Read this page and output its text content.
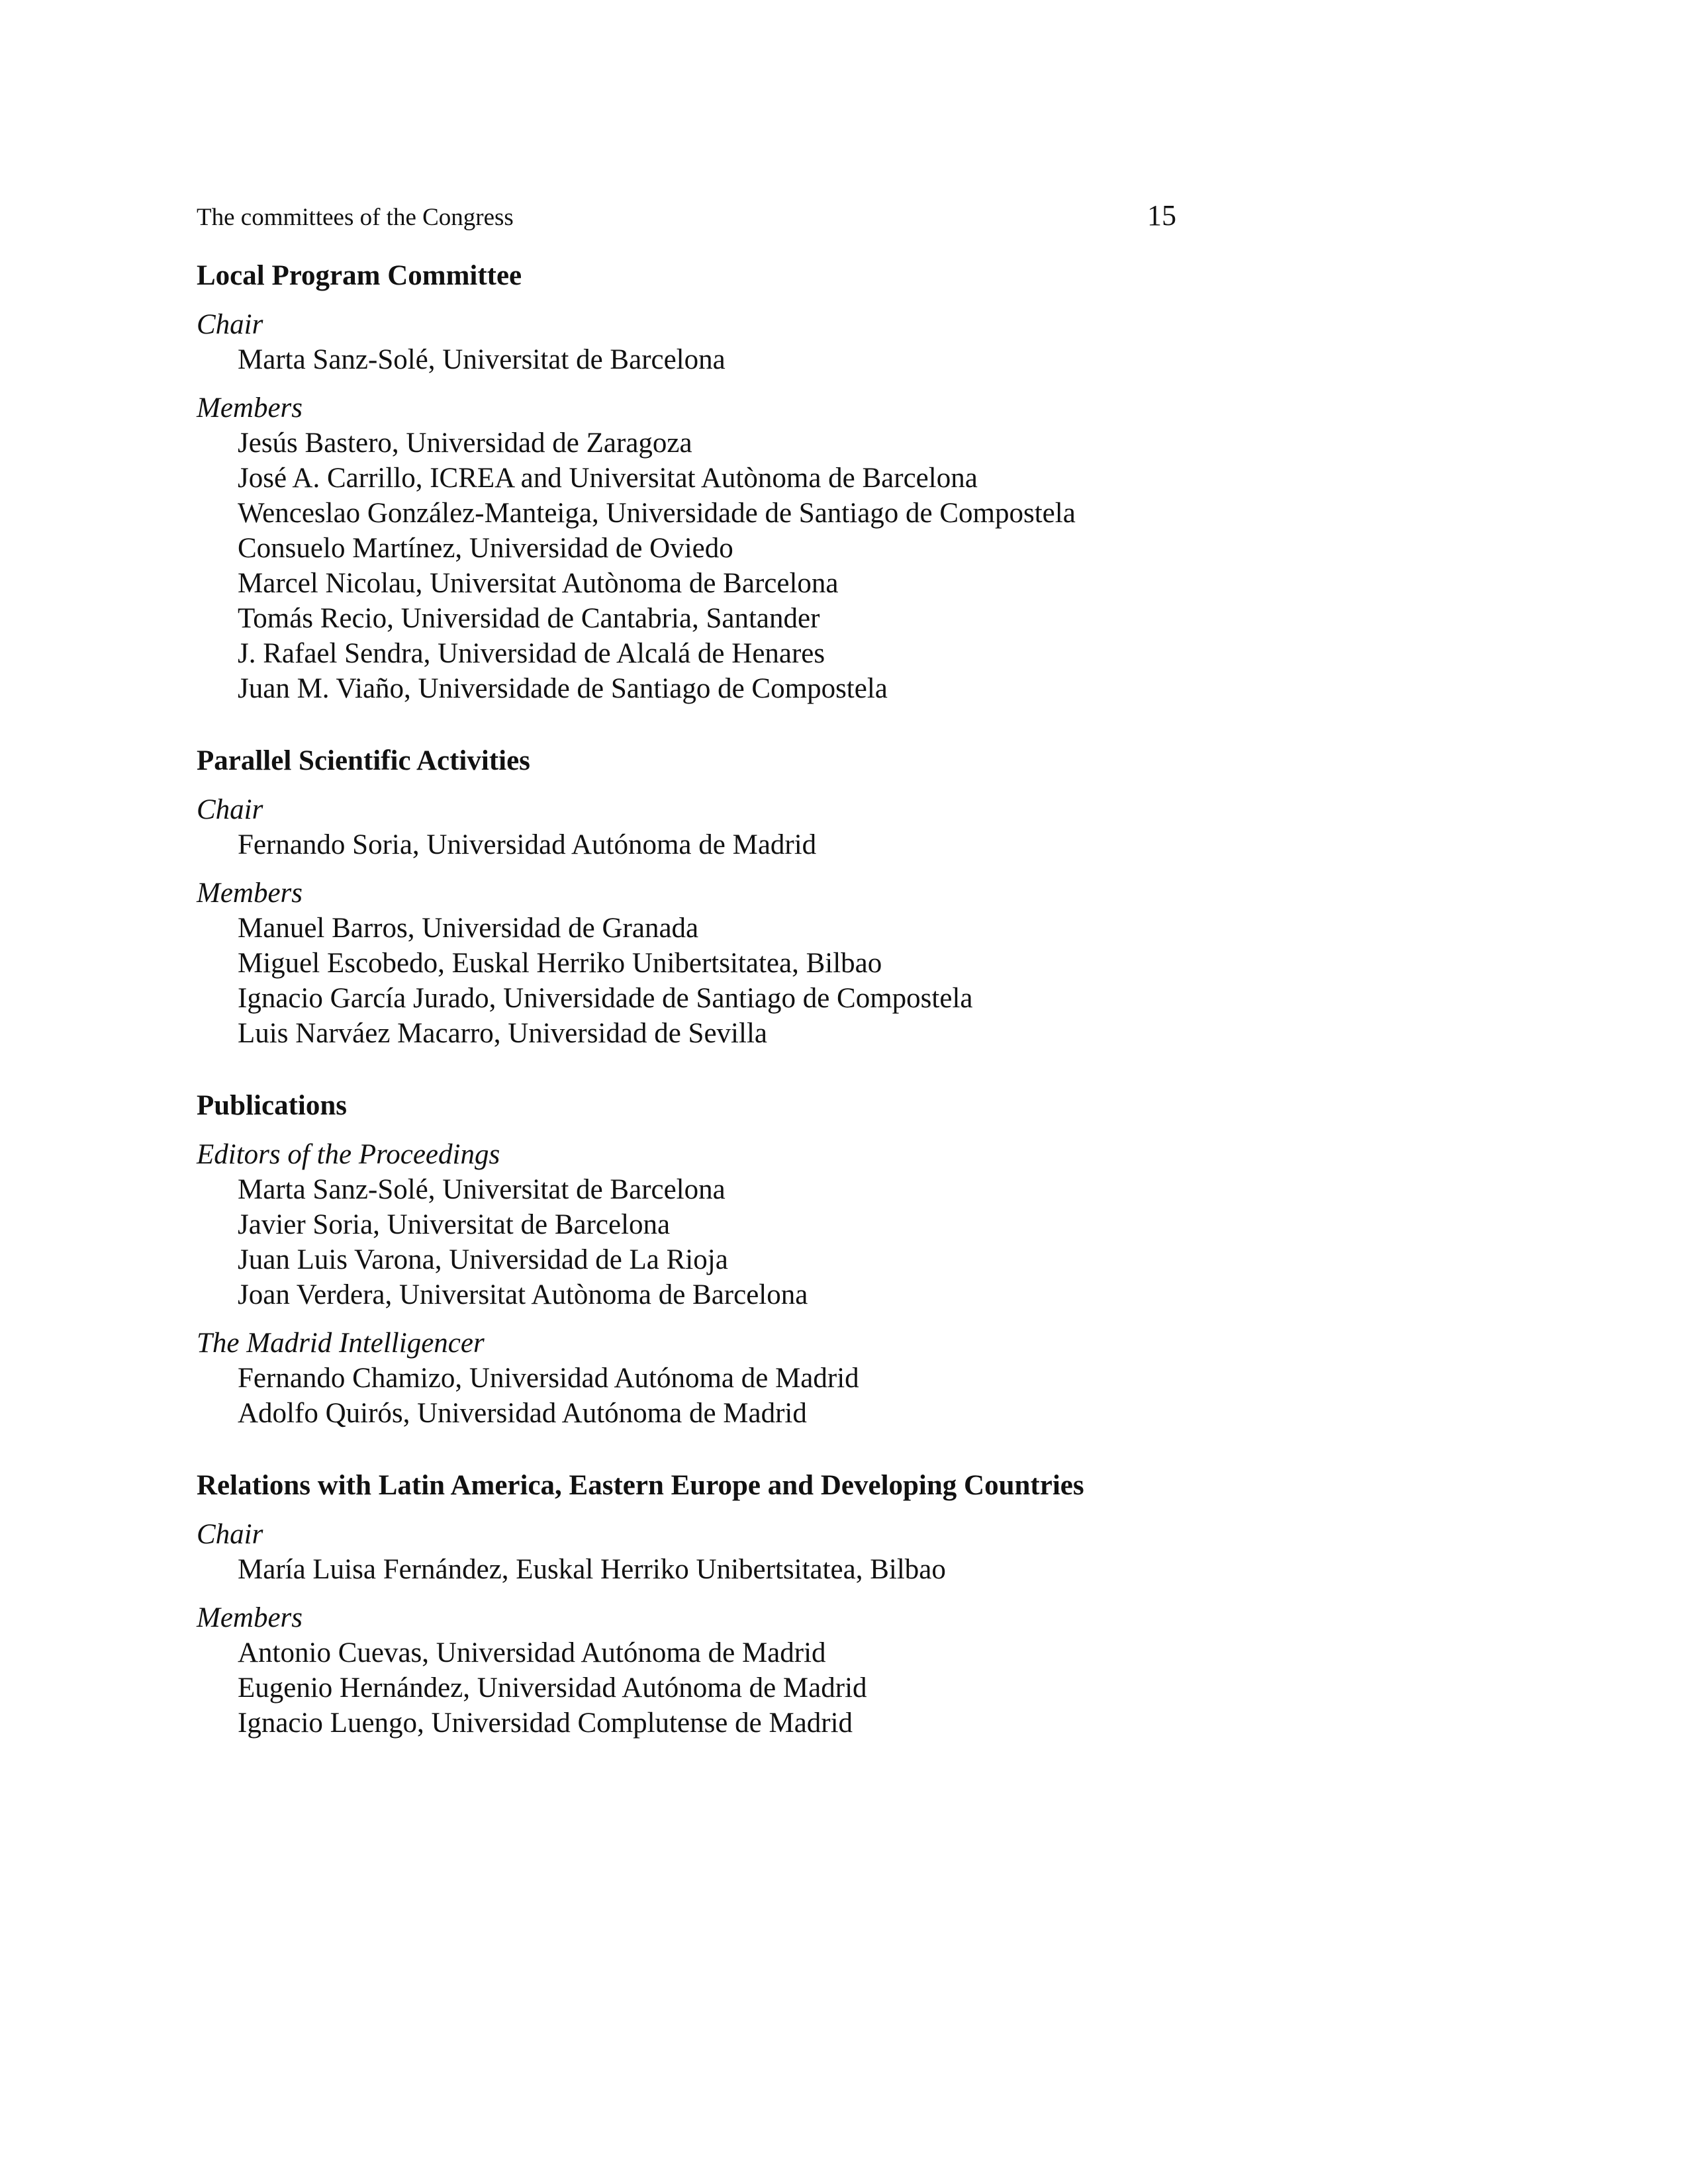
The committees of the Congress	15
Local Program Committee
Chair
Marta Sanz-Solé, Universitat de Barcelona
Members
Jesús Bastero, Universidad de Zaragoza
José A. Carrillo, ICREA and Universitat Autònoma de Barcelona
Wenceslao González-Manteiga, Universidade de Santiago de Compostela
Consuelo Martínez, Universidad de Oviedo
Marcel Nicolau, Universitat Autònoma de Barcelona
Tomás Recio, Universidad de Cantabria, Santander
J. Rafael Sendra, Universidad de Alcalá de Henares
Juan M. Viaño, Universidade de Santiago de Compostela
Parallel Scientific Activities
Chair
Fernando Soria, Universidad Autónoma de Madrid
Members
Manuel Barros, Universidad de Granada
Miguel Escobedo, Euskal Herriko Unibertsitatea, Bilbao
Ignacio García Jurado, Universidade de Santiago de Compostela
Luis Narváez Macarro, Universidad de Sevilla
Publications
Editors of the Proceedings
Marta Sanz-Solé, Universitat de Barcelona
Javier Soria, Universitat de Barcelona
Juan Luis Varona, Universidad de La Rioja
Joan Verdera, Universitat Autònoma de Barcelona
The Madrid Intelligencer
Fernando Chamizo, Universidad Autónoma de Madrid
Adolfo Quirós, Universidad Autónoma de Madrid
Relations with Latin America, Eastern Europe and Developing Countries
Chair
María Luisa Fernández, Euskal Herriko Unibertsitatea, Bilbao
Members
Antonio Cuevas, Universidad Autónoma de Madrid
Eugenio Hernández, Universidad Autónoma de Madrid
Ignacio Luengo, Universidad Complutense de Madrid
